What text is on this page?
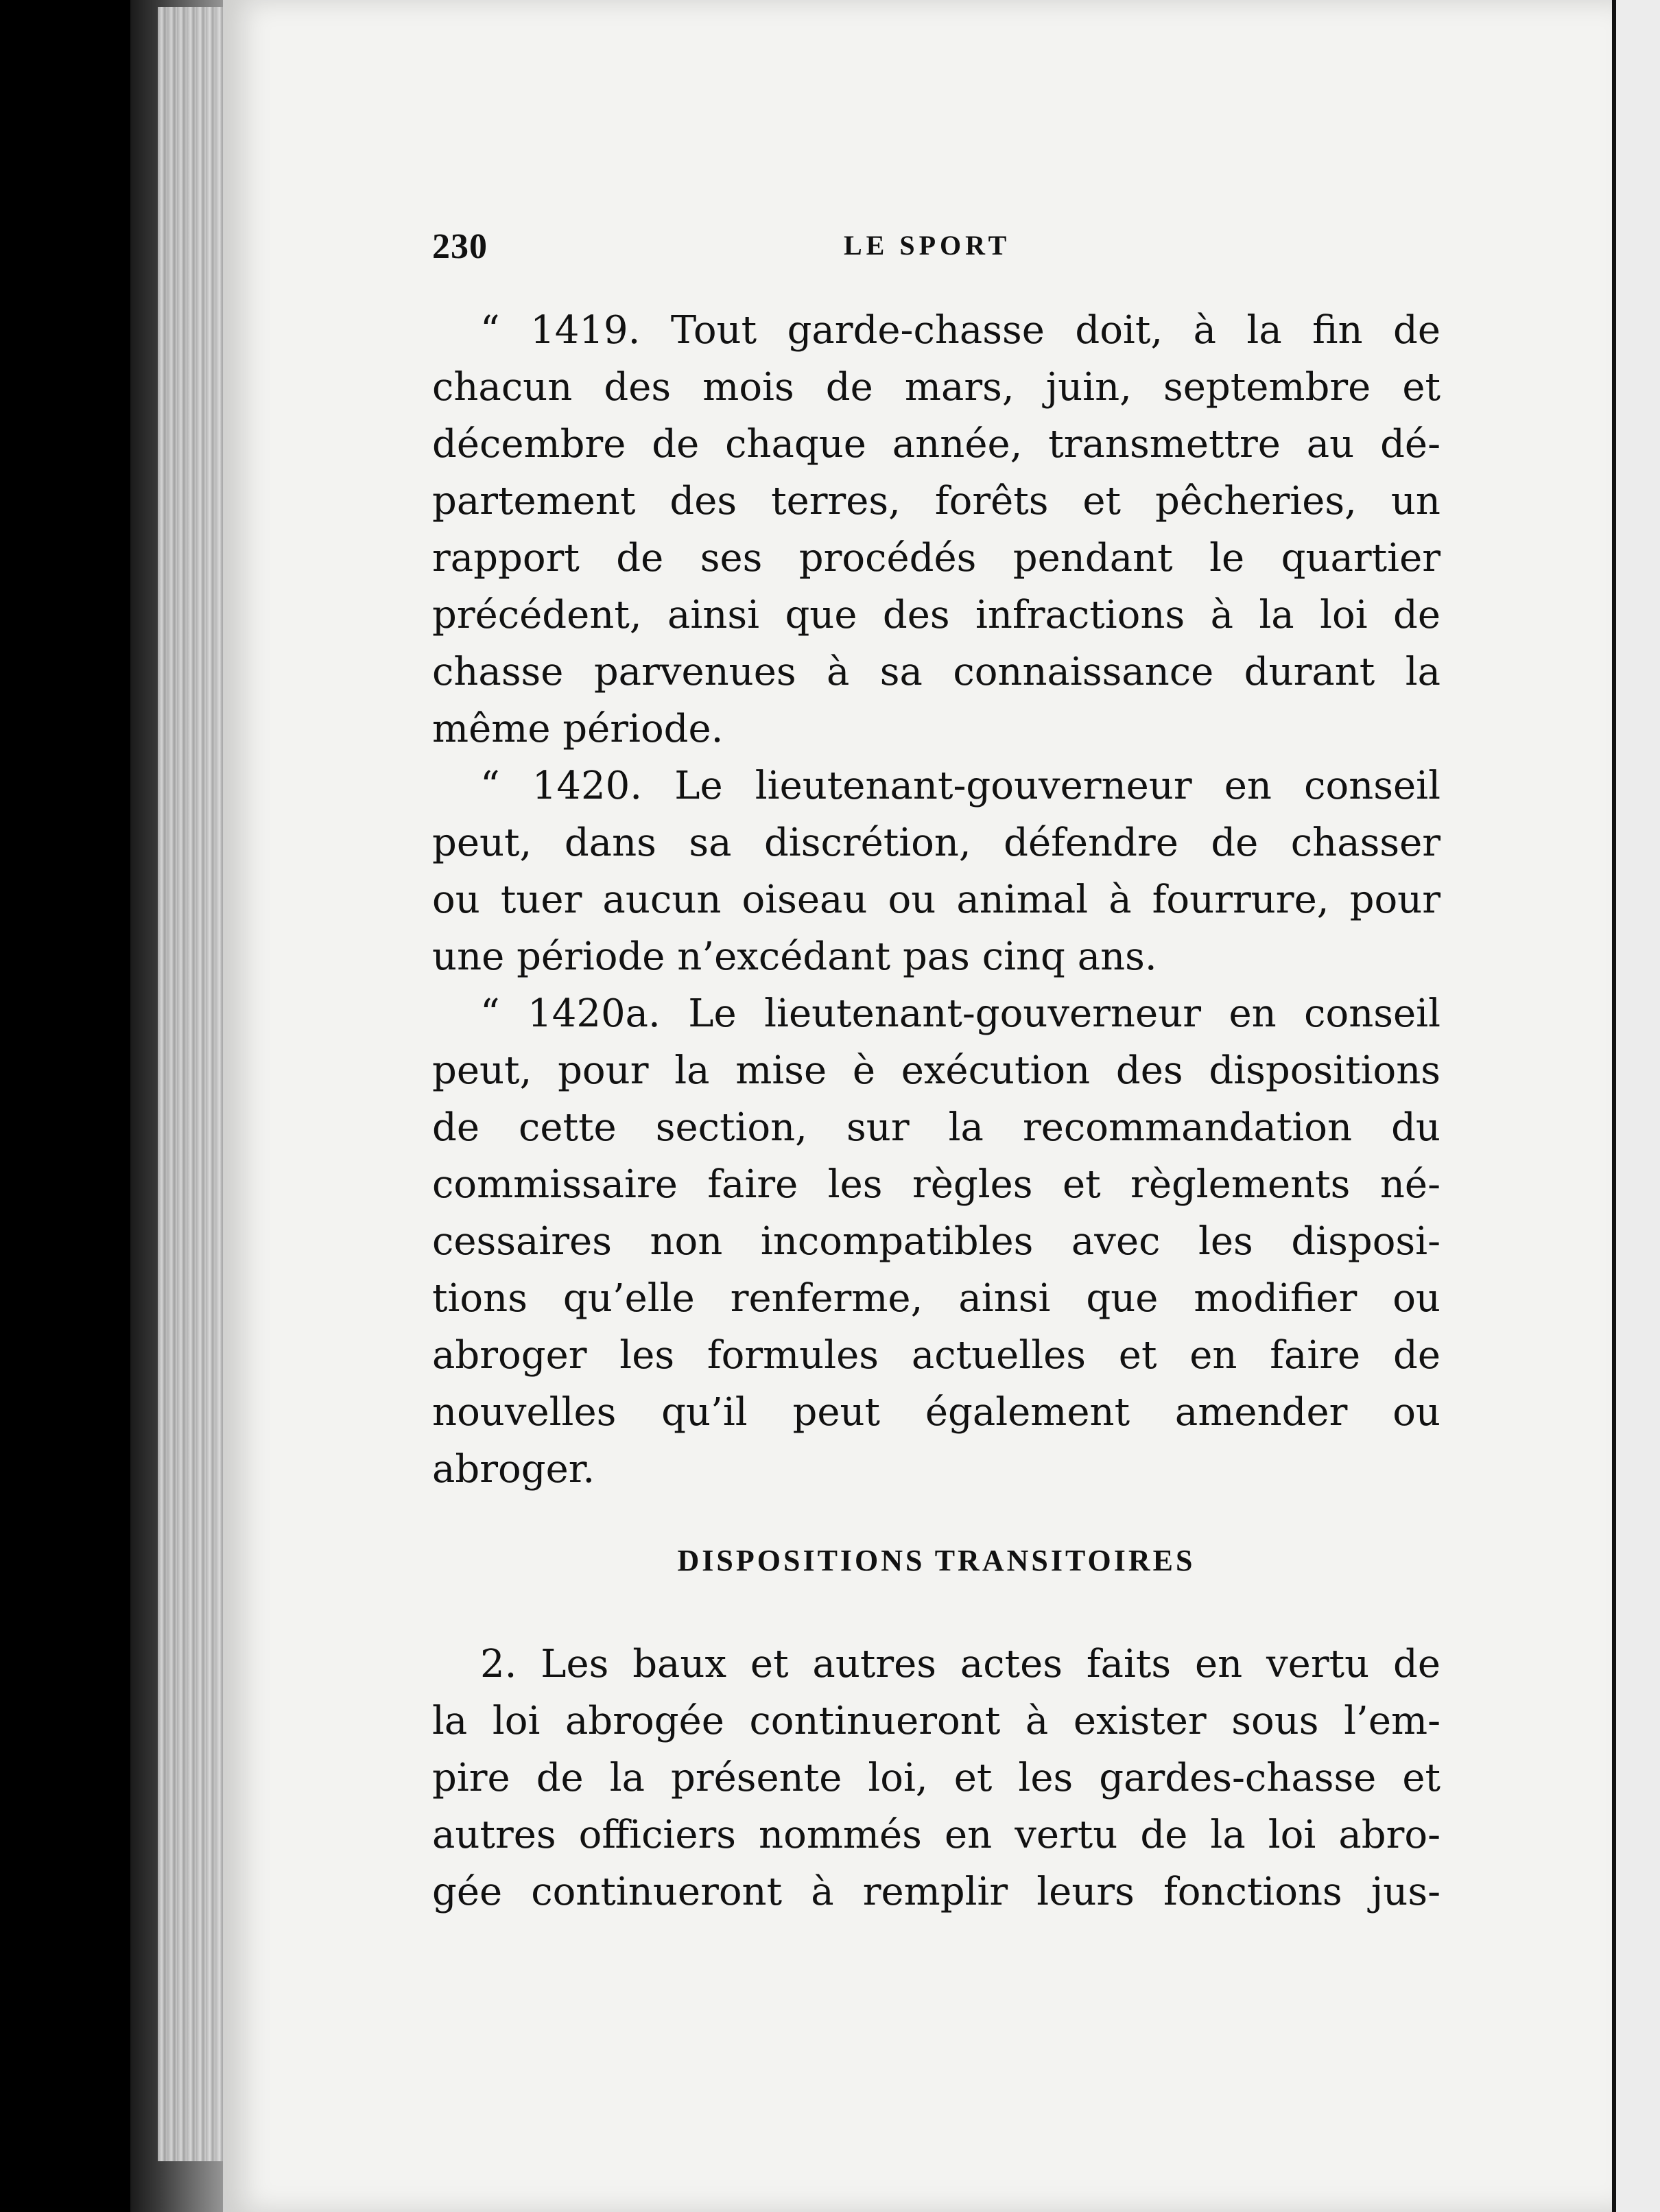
230	LE SPORT
“ 1419. Tout garde-chasse doit, à la fin de
chacun des mois de mars, juin, septembre et
décembre de chaque année, transmettre au dé-
partement des terres, forêts et pêcheries, un
rapport de ses procédés pendant le quartier
précédent, ainsi que des infractions à la loi de
chasse parvenues à sa connaissance durant la
même période.
“ 1420. Le lieutenant-gouverneur en conseil
peut, dans sa discrétion, défendre de chasser
ou tuer aucun oiseau ou animal à fourrure, pour
une période n’excédant pas cinq ans.
“ 1420a. Le lieutenant-gouverneur en conseil
peut, pour la mise è exécution des dispositions
de cette section, sur la recommandation du
commissaire faire les règles et règlements né-
cessaires non incompatibles avec les disposi-
tions qu’elle renferme, ainsi que modifier ou
abroger les formules actuelles et en faire de
nouvelles qu’il peut également amender ou
abroger.
DISPOSITIONS TRANSITOIRES
2. Les baux et autres actes faits en vertu de
la loi abrogée continueront à exister sous l’em-
pire de la présente loi, et les gardes-chasse et
autres officiers nommés en vertu de la loi abro-
gée continueront à remplir leurs fonctions jus-
